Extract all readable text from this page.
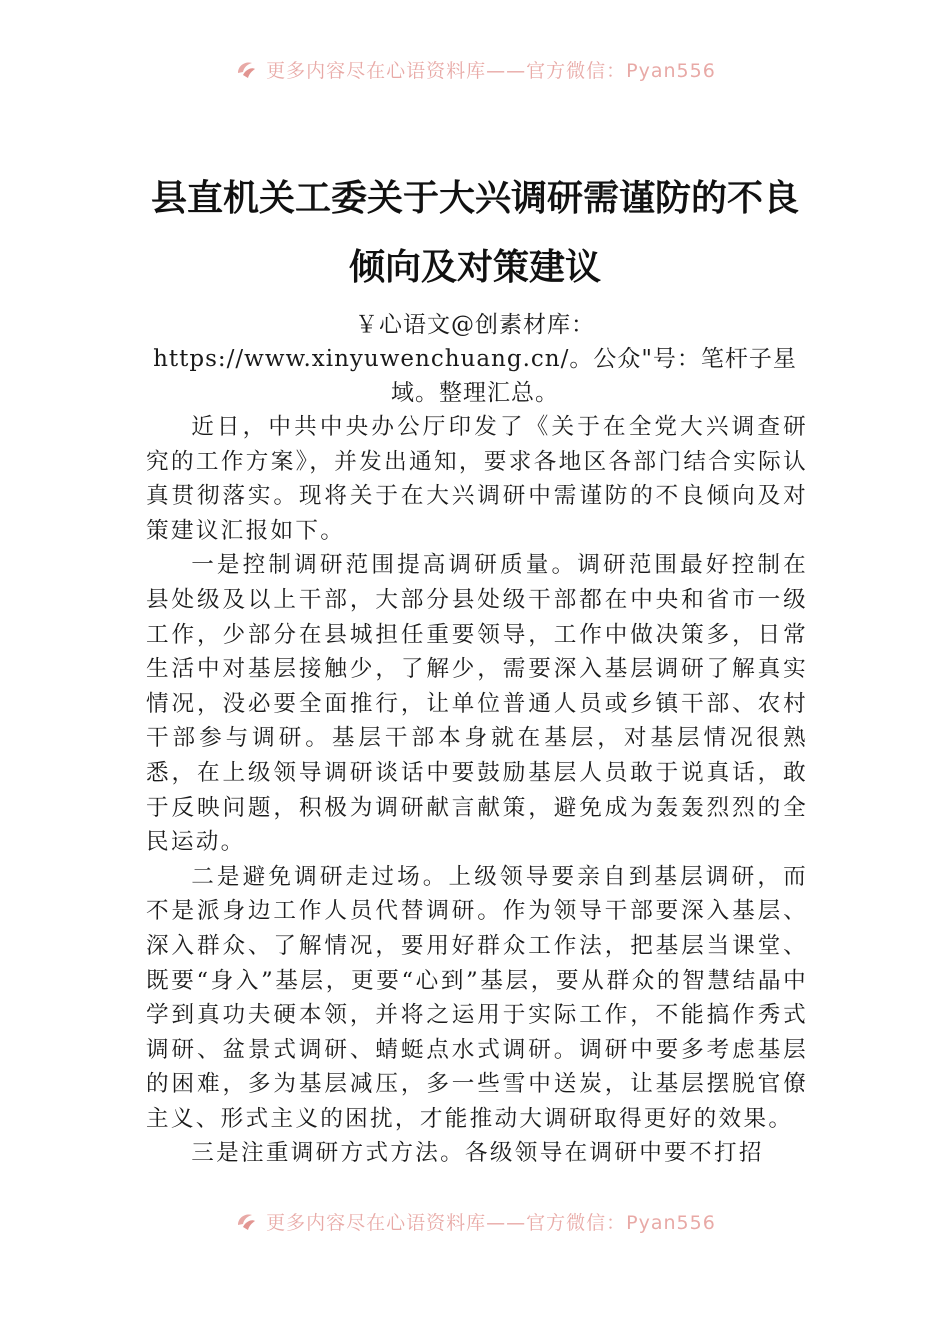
更多内容尽在心语资料库——官方微信：Pyan556
县直机关工委关于大兴调研需谨防的不良
倾向及对策建议

￥心语文@创素材库：https://www.xinyuwenchuang.cn/。公众"号：笔杆子星域。整理汇总。

近日，中共中央办公厅印发了《关于在全党大兴调查研究的工作方案》，并发出通知，要求各地区各部门结合实际认真贯彻落实。现将关于在大兴调研中需谨防的不良倾向及对策建议汇报如下。

一是控制调研范围提高调研质量。调研范围最好控制在县处级及以上干部，大部分县处级干部都在中央和省市一级工作，少部分在县城担任重要领导，工作中做决策多，日常生活中对基层接触少，了解少，需要深入基层调研了解真实情况，没必要全面推行，让单位普通人员或乡镇干部、农村干部参与调研。基层干部本身就在基层，对基层情况很熟悉，在上级领导调研谈话中要鼓励基层人员敢于说真话，敢于反映问题，积极为调研献言献策，避免成为轰轰烈烈的全民运动。

二是避免调研走过场。上级领导要亲自到基层调研，而不是派身边工作人员代替调研。作为领导干部要深入基层、深入群众、了解情况，要用好群众工作法，把基层当课堂、既要“身入”基层，更要“心到”基层，要从群众的智慧结晶中学到真功夫硬本领，并将之运用于实际工作，不能搞作秀式调研、盆景式调研、蜻蜓点水式调研。调研中要多考虑基层的困难，多为基层减压，多一些雪中送炭，让基层摆脱官僚主义、形式主义的困扰，才能推动大调研取得更好的效果。

三是注重调研方式方法。各级领导在调研中要不打招

更多内容尽在心语资料库——官方微信：Pyan556
